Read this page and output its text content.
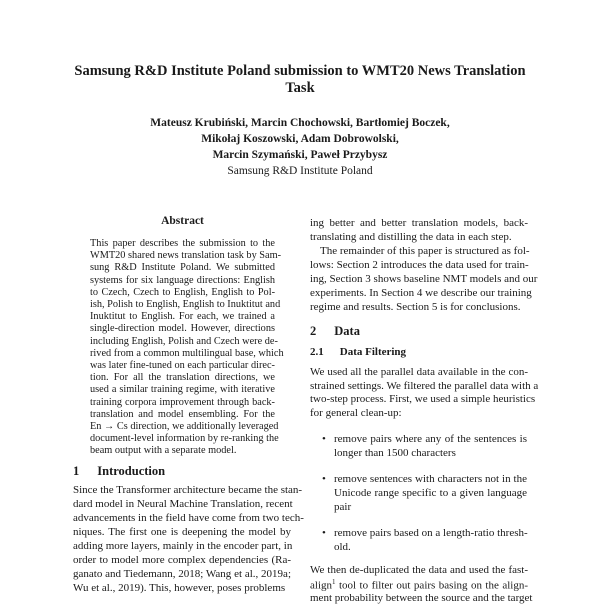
Samsung R&D Institute Poland submission to WMT20 News Translation
Task
Mateusz Krubiński, Marcin Chochowski, Bartłomiej Boczek,
Mikołaj Koszowski, Adam Dobrowolski,
Marcin Szymański, Paweł Przybysz
Samsung R&D Institute Poland
Abstract
This paper describes the submission to the
WMT20 shared news translation task by Sam-
sung R&D Institute Poland. We submitted
systems for six language directions: English
to Czech, Czech to English, English to Pol-
ish, Polish to English, English to Inuktitut and
Inuktitut to English. For each, we trained a
single-direction model. However, directions
including English, Polish and Czech were de-
rived from a common multilingual base, which
was later fine-tuned on each particular direc-
tion. For all the translation directions, we
used a similar training regime, with iterative
training corpora improvement through back-
translation and model ensembling. For the
En → Cs direction, we additionally leveraged
document-level information by re-ranking the
beam output with a separate model.
1 Introduction
Since the Transformer architecture became the stan-
dard model in Neural Machine Translation, recent
advancements in the field have come from two tech-
niques. The first one is deepening the model by
adding more layers, mainly in the encoder part, in
order to model more complex dependencies (Ra-
ganato and Tiedemann, 2018; Wang et al., 2019a;
Wu et al., 2019). This, however, poses problems
ing better and better translation models, back-
translating and distilling the data in each step.
The remainder of this paper is structured as fol-
lows: Section 2 introduces the data used for train-
ing, Section 3 shows baseline NMT models and our
experiments. In Section 4 we describe our training
regime and results. Section 5 is for conclusions.
2 Data
2.1 Data Filtering
We used all the parallel data available in the con-
strained settings. We filtered the parallel data with a
two-step process. First, we used a simple heuristics
for general clean-up:
• remove pairs where any of the sentences is
longer than 1500 characters
• remove sentences with characters not in the
Unicode range specific to a given language
pair
• remove pairs based on a length-ratio thresh-
old.
We then de-duplicated the data and used the fast-
align$^1$ tool to filter out pairs basing on the align-
ment probability between the source and the target
